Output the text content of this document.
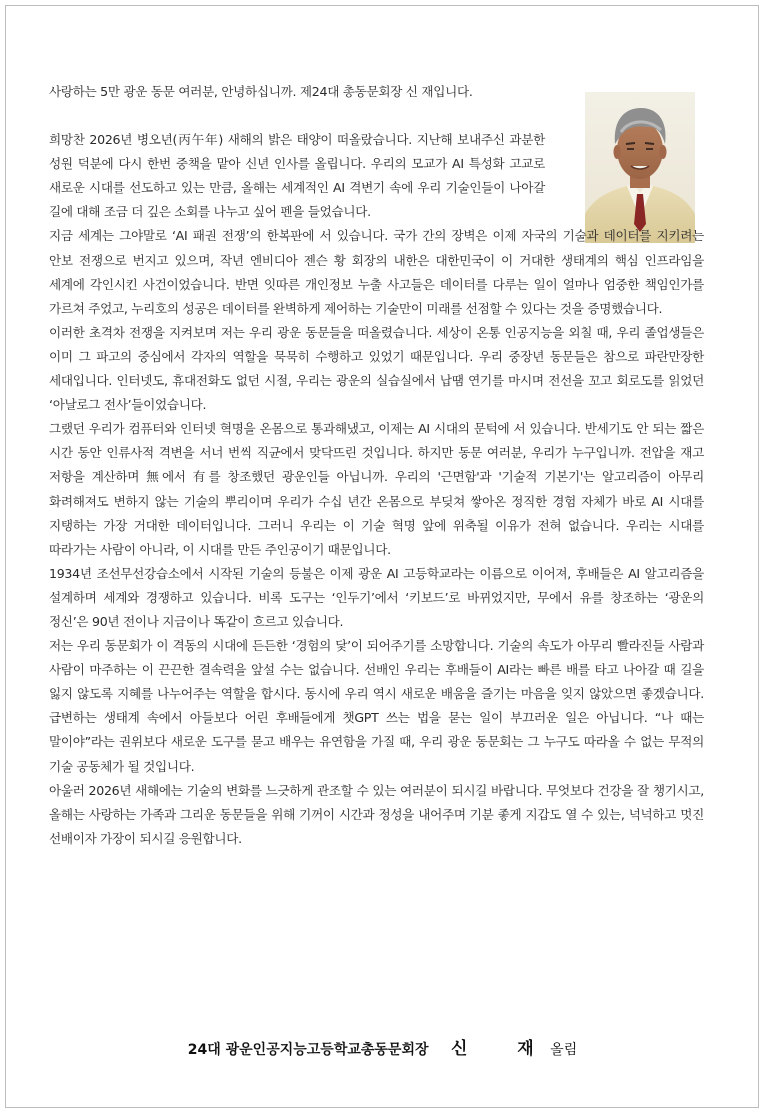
사랑하는 5만 광운 동문 여러분, 안녕하십니까. 제24대 총동문회장 신 재입니다.

희망찬 2026년 병오년(丙午年) 새해의 밝은 태양이 떠올랐습니다. 지난해 보내주신 과분한 성원 덕분에 다시 한번 중책을 맡아 신년 인사를 올립니다. 우리의 모교가 AI 특성화 고교로 새로운 시대를 선도하고 있는 만큼, 올해는 세계적인 AI 격변기 속에 우리 기술인들이 나아갈 길에 대해 조금 더 깊은 소회를 나누고 싶어 펜을 들었습니다.

지금 세계는 그야말로 ‘AI 패권 전쟁’의 한복판에 서 있습니다. 국가 간의 장벽은 이제 자국의 기술과 데이터를 지키려는 안보 전쟁으로 번지고 있으며, 작년 엔비디아 젠슨 황 회장의 내한은 대한민국이 이 거대한 생태계의 핵심 인프라임을 세계에 각인시킨 사건이었습니다. 반면 잇따른 개인정보 누출 사고들은 데이터를 다루는 일이 얼마나 엄중한 책임인가를 가르쳐 주었고, 누리호의 성공은 데이터를 완벽하게 제어하는 기술만이 미래를 선점할 수 있다는 것을 증명했습니다.

이러한 초격차 전쟁을 지켜보며 저는 우리 광운 동문들을 떠올렸습니다. 세상이 온통 인공지능을 외칠 때, 우리 졸업생들은 이미 그 파고의 중심에서 각자의 역할을 묵묵히 수행하고 있었기 때문입니다. 우리 중장년 동문들은 참으로 파란만장한 세대입니다. 인터넷도, 휴대전화도 없던 시절, 우리는 광운의 실습실에서 납땜 연기를 마시며 전선을 꼬고 회로도를 읽었던 ‘아날로그 전사’들이었습니다.

그랬던 우리가 컴퓨터와 인터넷 혁명을 온몸으로 통과해냈고, 이제는 AI 시대의 문턱에 서 있습니다. 반세기도 안 되는 짧은 시간 동안 인류사적 격변을 서너 번씩 직균에서 맞닥뜨린 것입니다. 하지만 동문 여러분, 우리가 누구입니까. 전압을 재고 저항을 계산하며 無에서 有를 창조했던 광운인들 아닙니까. 우리의 '근면함'과 '기술적 기본기'는 알고리즘이 아무리 화려해져도 변하지 않는 기술의 뿌리이며 우리가 수십 년간 온몸으로 부딪쳐 쌓아온 정직한 경험 자체가 바로 AI 시대를 지탱하는 가장 거대한 데이터입니다. 그러니 우리는 이 기술 혁명 앞에 위축될 이유가 전혀 없습니다. 우리는 시대를 따라가는 사람이 아니라, 이 시대를 만든 주인공이기 때문입니다.

1934년 조선무선강습소에서 시작된 기술의 등불은 이제 광운 AI 고등학교라는 이름으로 이어져, 후배들은 AI 알고리즘을 설계하며 세계와 경쟁하고 있습니다. 비록 도구는 ‘인두기’에서 ‘키보드’로 바뀌었지만, 무에서 유를 창조하는 ‘광운의 정신’은 90년 전이나 지금이나 똑같이 흐르고 있습니다.

저는 우리 동문회가 이 격동의 시대에 든든한 ‘경험의 닻’이 되어주기를 소망합니다. 기술의 속도가 아무리 빨라진들 사람과 사람이 마주하는 이 끈끈한 결속력을 앞설 수는 없습니다. 선배인 우리는 후배들이 AI라는 빠른 배를 타고 나아갈 때 길을 잃지 않도록 지혜를 나누어주는 역할을 합시다. 동시에 우리 역시 새로운 배움을 즐기는 마음을 잊지 않았으면 좋겠습니다. 급변하는 생태계 속에서 아들보다 어린 후배들에게 챗GPT 쓰는 법을 묻는 일이 부끄러운 일은 아닙니다. “나 때는 말이야”라는 권위보다 새로운 도구를 묻고 배우는 유연함을 가질 때, 우리 광운 동문회는 그 누구도 따라올 수 없는 무적의 기술 공동체가 될 것입니다.

아울러 2026년 새해에는 기술의 변화를 느긋하게 관조할 수 있는 여러분이 되시길 바랍니다. 무엇보다 건강을 잘 챙기시고, 올해는 사랑하는 가족과 그리운 동문들을 위해 기꺼이 시간과 정성을 내어주며 기분 좋게 지갑도 열 수 있는, 넉넉하고 멋진 선배이자 가장이 되시길 응원합니다.

24대 광운인공지능고등학교총동문회장 신 재 올림
